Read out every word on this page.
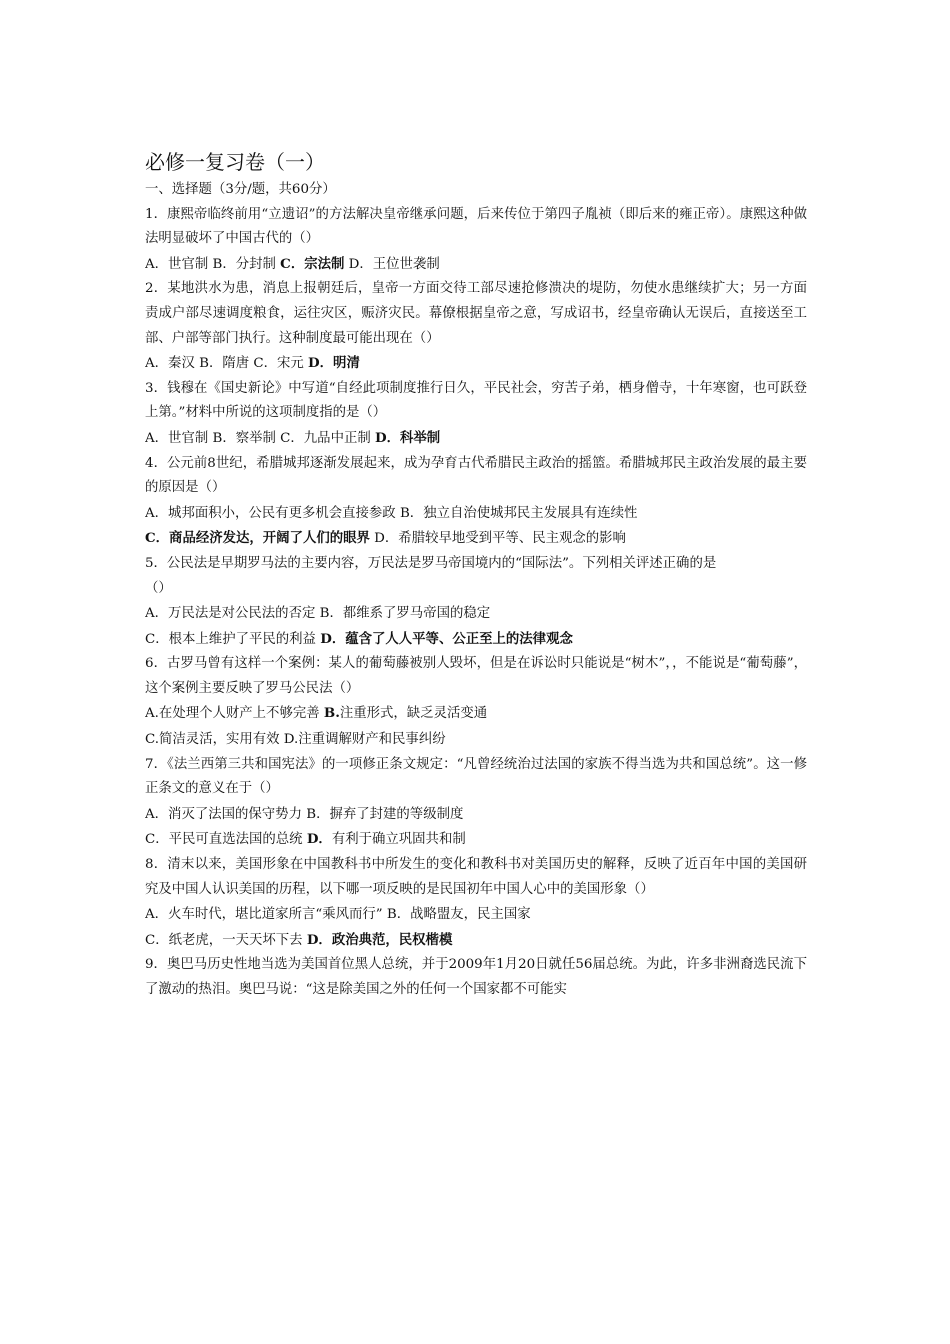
必修一复习卷（一）
一、选择题（3分/题，共60分）
1．康熙帝临终前用“立遗诏”的方法解决皇帝继承问题，后来传位于第四子胤祯（即后来的雍正帝）。康熙这种做法明显破坏了中国古代的（）
A．世官制 B．分封制 C．宗法制 D．王位世袭制
2．某地洪水为患，消息上报朝廷后，皇帝一方面交待工部尽速抢修溃决的堤防，勿使水患继续扩大；另一方面责成户部尽速调度粮食，运往灾区，赈济灾民。幕僚根据皇帝之意，写成诏书，经皇帝确认无误后，直接送至工部、户部等部门执行。这种制度最可能出现在（）
A．秦汉 B．隋唐 C．宋元 D．明清
3．钱穆在《国史新论》中写道“自经此项制度推行日久，平民社会，穷苦子弟，栖身僧寺，十年寒窗，也可跃登上第。”材料中所说的这项制度指的是（）
A．世官制 B．察举制 C．九品中正制 D．科举制
4．公元前8世纪，希腊城邦逐渐发展起来，成为孕育古代希腊民主政治的摇篮。希腊城邦民主政治发展的最主要的原因是（）
A．城邦面积小，公民有更多机会直接参政 B．独立自治使城邦民主发展具有连续性
C．商品经济发达，开阔了人们的眼界 D．希腊较早地受到平等、民主观念的影响
5．公民法是早期罗马法的主要内容，万民法是罗马帝国境内的“国际法”。下列相关评述正确的是
（）
A．万民法是对公民法的否定 B．都维系了罗马帝国的稳定
C．根本上维护了平民的利益 D．蕴含了人人平等、公正至上的法律观念
6．古罗马曾有这样一个案例：某人的葡萄藤被别人毁坏，但是在诉讼时只能说是“树木”，，不能说是“葡萄藤”，这个案例主要反映了罗马公民法（）
A.在处理个人财产上不够完善 B.注重形式，缺乏灵活变通
C.简洁灵活，实用有效 D.注重调解财产和民事纠纷
7．《法兰西第三共和国宪法》的一项修正条文规定：“凡曾经统治过法国的家族不得当选为共和国总统”。这一修正条文的意义在于（）
A．消灭了法国的保守势力 B．摒弃了封建的等级制度
C．平民可直选法国的总统 D．有利于确立巩固共和制
8．清末以来，美国形象在中国教科书中所发生的变化和教科书对美国历史的解释，反映了近百年中国的美国研究及中国人认识美国的历程，以下哪一项反映的是民国初年中国人心中的美国形象（）
A．火车时代，堪比道家所言“乘风而行” B．战略盟友，民主国家
C．纸老虎，一天天坏下去 D．政治典范，民权楷模
9．奥巴马历史性地当选为美国首位黑人总统，并于2009年1月20日就任56届总统。为此，许多非洲裔选民流下了激动的热泪。奥巴马说：“这是除美国之外的任何一个国家都不可能实
